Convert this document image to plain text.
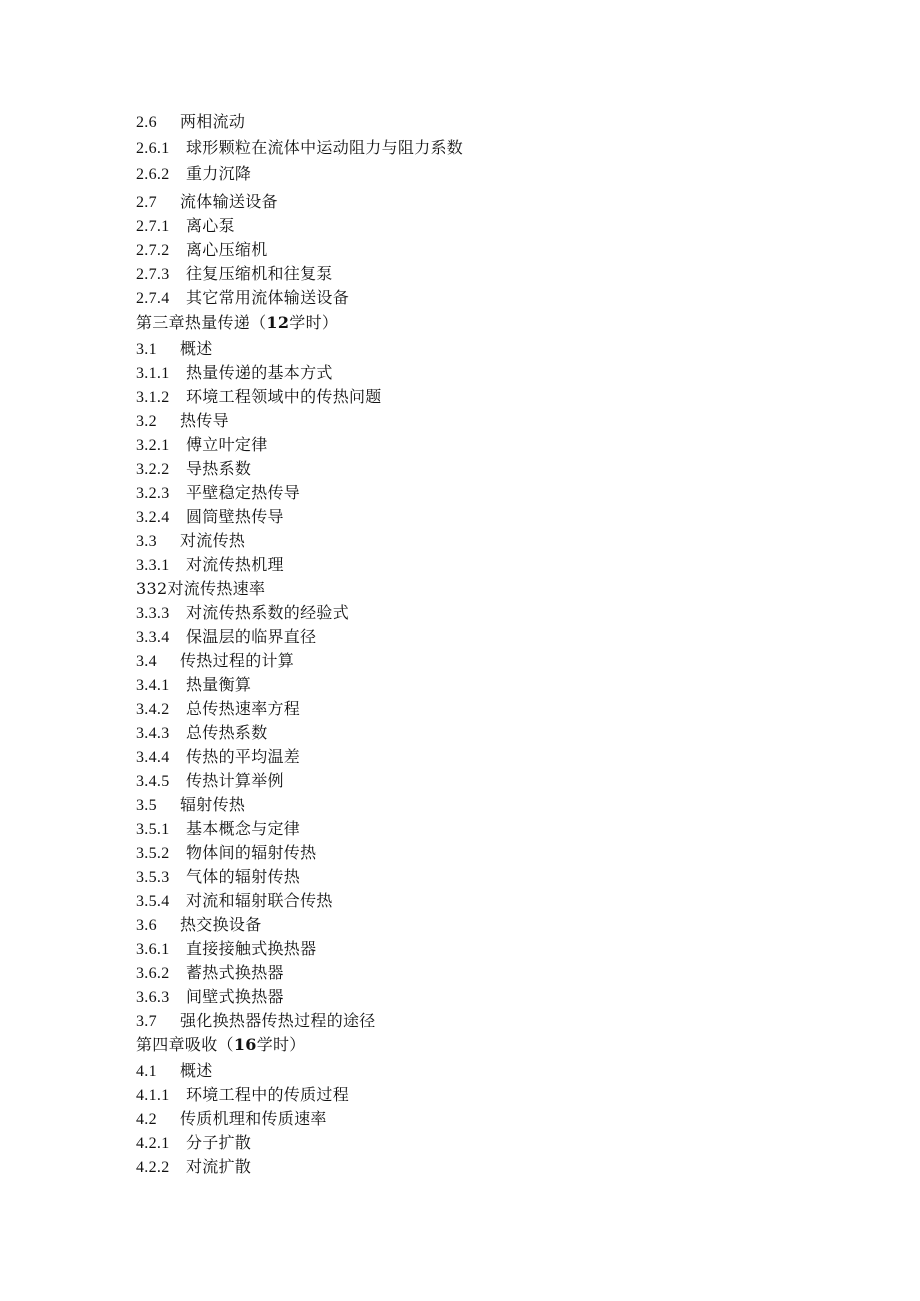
2.6 两相流动
2.6.1 球形颗粒在流体中运动阻力与阻力系数
2.6.2 重力沉降
2.7 流体输送设备
2.7.1 离心泵
2.7.2 离心压缩机
2.7.3 往复压缩机和往复泵
2.7.4 其它常用流体输送设备
第三章热量传递（12学时）
3.1 概述
3.1.1 热量传递的基本方式
3.1.2 环境工程领域中的传热问题
3.2 热传导
3.2.1 傅立叶定律
3.2.2 导热系数
3.2.3 平壁稳定热传导
3.2.4 圆筒壁热传导
3.3 对流传热
3.3.1 对流传热机理
332对流传热速率
3.3.3 对流传热系数的经验式
3.3.4 保温层的临界直径
3.4 传热过程的计算
3.4.1 热量衡算
3.4.2 总传热速率方程
3.4.3 总传热系数
3.4.4 传热的平均温差
3.4.5 传热计算举例
3.5 辐射传热
3.5.1 基本概念与定律
3.5.2 物体间的辐射传热
3.5.3 气体的辐射传热
3.5.4 对流和辐射联合传热
3.6 热交换设备
3.6.1 直接接触式换热器
3.6.2 蓄热式换热器
3.6.3 间壁式换热器
3.7 强化换热器传热过程的途径
第四章吸收（16学时）
4.1 概述
4.1.1 环境工程中的传质过程
4.2 传质机理和传质速率
4.2.1 分子扩散
4.2.2 对流扩散
